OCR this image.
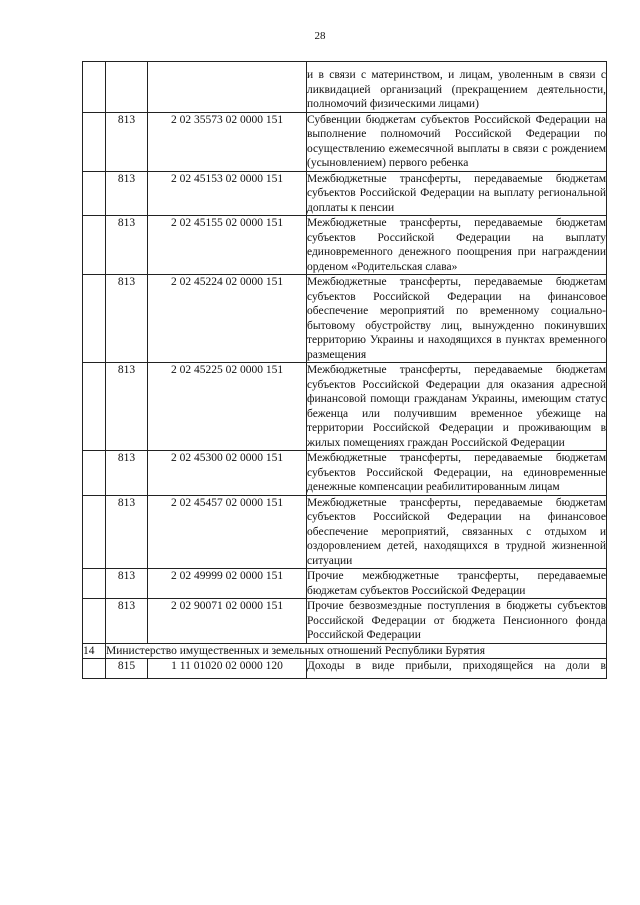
28
			и в связи с материнством, и лицам, уволенным в связи с ликвидацией организаций (прекращением деятельности, полномочий физическими лицами)
	813	2 02 35573 02 0000 151	Субвенции бюджетам субъектов Российской Федерации на выполнение полномочий Российской Федерации по осуществлению ежемесячной выплаты в связи с рождением (усыновлением) первого ребенка
	813	2 02 45153 02 0000 151	Межбюджетные трансферты, передаваемые бюджетам субъектов Российской Федерации на выплату региональной доплаты к пенсии
	813	2 02 45155 02 0000 151	Межбюджетные трансферты, передаваемые бюджетам субъектов Российской Федерации на выплату единовременного денежного поощрения при награждении орденом «Родительская слава»
	813	2 02 45224 02 0000 151	Межбюджетные трансферты, передаваемые бюджетам субъектов Российской Федерации на финансовое обеспечение мероприятий по временному социально-бытовому обустройству лиц, вынужденно покинувших территорию Украины и находящихся в пунктах временного размещения
	813	2 02 45225 02 0000 151	Межбюджетные трансферты, передаваемые бюджетам субъектов Российской Федерации для оказания адресной финансовой помощи гражданам Украины, имеющим статус беженца или получившим временное убежище на территории Российской Федерации и проживающим в жилых помещениях граждан Российской Федерации
	813	2 02 45300 02 0000 151	Межбюджетные трансферты, передаваемые бюджетам субъектов Российской Федерации, на единовременные денежные компенсации реабилитированным лицам
	813	2 02 45457 02 0000 151	Межбюджетные трансферты, передаваемые бюджетам субъектов Российской Федерации на финансовое обеспечение мероприятий, связанных с отдыхом и оздоровлением детей, находящихся в трудной жизненной ситуации
	813	2 02 49999 02 0000 151	Прочие межбюджетные трансферты, передаваемые бюджетам субъектов Российской Федерации
	813	2 02 90071 02 0000 151	Прочие безвозмездные поступления в бюджеты субъектов Российской Федерации от бюджета Пенсионного фонда Российской Федерации
14	Министерство имущественных и земельных отношений Республики Бурятия		
	815	1 11 01020 02 0000 120	Доходы в виде прибыли, приходящейся на доли в
